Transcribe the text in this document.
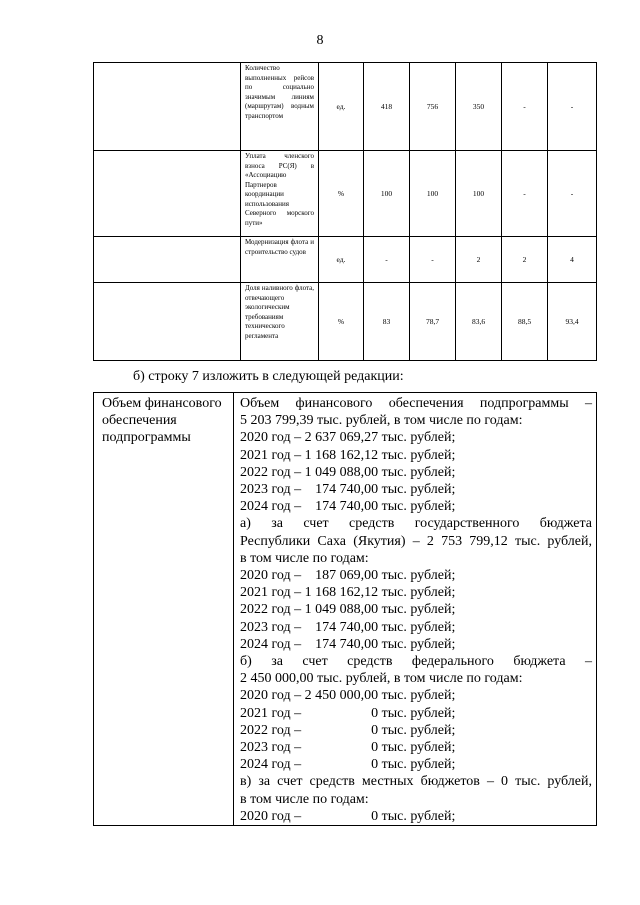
8
	Количество выполненных рейсов по социально значимым линиям (маршрутам) водным транспортом	ед.	418	756	350	-	-
	Уплата членского взноса РС(Я) в «Ассоциацию Партнеров координации использования Северного морского пути»	%	100	100	100	-	-
	Модернизация флота и строительство судов	ед.	-	-	2	2	4
	Доля наливного флота, отвечающего экологическим требованиям технического регламента	%	83	78,7	83,6	88,5	93,4
б) строку 7 изложить в следующей редакции:
Объем финансового обеспечения подпрограммы	
Объем финансового обеспечения подпрограммы –
5 203 799,39 тыс. рублей, в том числе по годам:
2020 год – 2 637 069,27 тыс. рублей;
2021 год – 1 168 162,12 тыс. рублей;
2022 год – 1 049 088,00 тыс. рублей;
2023 год –    174 740,00 тыс. рублей;
2024 год –    174 740,00 тыс. рублей;
а) за счет средств государственного бюджета
Республики Саха (Якутия) – 2 753 799,12 тыс. рублей,
в том числе по годам:
2020 год –    187 069,00 тыс. рублей;
2021 год – 1 168 162,12 тыс. рублей;
2022 год – 1 049 088,00 тыс. рублей;
2023 год –    174 740,00 тыс. рублей;
2024 год –    174 740,00 тыс. рублей;
б) за счет средств федерального бюджета –
2 450 000,00 тыс. рублей, в том числе по годам:
2020 год – 2 450 000,00 тыс. рублей;
2021 год –                    0 тыс. рублей;
2022 год –                    0 тыс. рублей;
2023 год –                    0 тыс. рублей;
2024 год –                    0 тыс. рублей;
в) за счет средств местных бюджетов – 0 тыс. рублей,
в том числе по годам:
2020 год –                    0 тыс. рублей;
